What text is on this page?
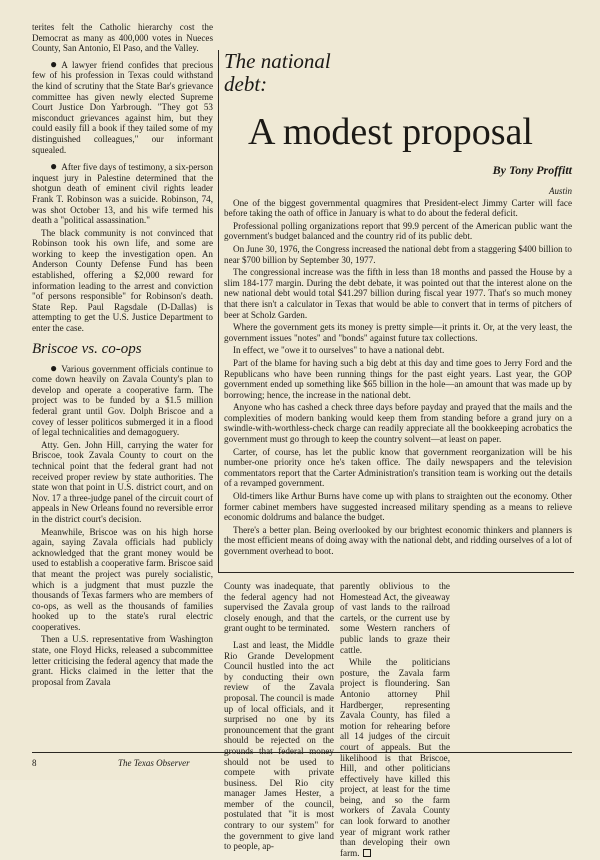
terites felt the Catholic hierarchy cost the Democrat as many as 400,000 votes in Nueces County, San Antonio, El Paso, and the Valley.

● A lawyer friend confides that precious few of his profession in Texas could withstand the kind of scrutiny that the State Bar's grievance committee has given newly elected Supreme Court Justice Don Yarbrough. "They got 53 misconduct grievances against him, but they could easily fill a book if they tailed some of my distinguished colleagues," our informant squealed.

● After five days of testimony, a six-person inquest jury in Palestine determined that the shotgun death of eminent civil rights leader Frank T. Robinson was a suicide. Robinson, 74, was shot October 13, and his wife termed his death a "political assassination."

The black community is not convinced that Robinson took his own life, and some are working to keep the investigation open. An Anderson County Defense Fund has been established, offering a $2,000 reward for information leading to the arrest and conviction "of persons responsible" for Robinson's death. State Rep. Paul Ragsdale (D-Dallas) is attempting to get the U.S. Justice Department to enter the case.

Briscoe vs. co-ops

● Various government officials continue to come down heavily on Zavala County's plan to develop and operate a cooperative farm. The project was to be funded by a $1.5 million federal grant until Gov. Dolph Briscoe and a covey of lesser politicos submerged it in a flood of legal technicalities and demagoguery.

Atty. Gen. John Hill, carrying the water for Briscoe, took Zavala County to court on the technical point that the federal grant had not received proper review by state authorities. The state won that point in U.S. district court, and on Nov. 17 a three-judge panel of the circuit court of appeals in New Orleans found no reversible error in the district court's decision.

Meanwhile, Briscoe was on his high horse again, saying Zavala officials had publicly acknowledged that the grant money would be used to establish a cooperative farm. Briscoe said that meant the project was purely socialistic, which is a judgment that must puzzle the thousands of Texas farmers who are members of co-ops, as well as the thousands of families hooked up to the state's rural electric cooperatives.

Then a U.S. representative from Washington state, one Floyd Hicks, released a subcommittee letter criticising the federal agency that made the grant. Hicks claimed in the letter that the proposal from Zavala

The national debt:
A modest proposal
By Tony Proffitt
Austin

One of the biggest governmental quagmires that President-elect Jimmy Carter will face before taking the oath of office in January is what to do about the federal deficit.

Professional polling organizations report that 99.9 percent of the American public want the government's budget balanced and the country rid of its public debt.

On June 30, 1976, the Congress increased the national debt from a staggering $400 billion to near $700 billion by September 30, 1977.

The congressional increase was the fifth in less than 18 months and passed the House by a slim 184-177 margin. During the debt debate, it was pointed out that the interest alone on the new national debt would total $41.297 billion during fiscal year 1977. That's so much money that there isn't a calculator in Texas that would be able to convert that in terms of pitchers of beer at Scholz Garden.

Where the government gets its money is pretty simple—it prints it. Or, at the very least, the government issues "notes" and "bonds" against future tax collections.

In effect, we "owe it to ourselves" to have a national debt.

Part of the blame for having such a big debt at this day and time goes to Jerry Ford and the Republicans who have been running things for the past eight years. Last year, the GOP government ended up something like $65 billion in the hole—an amount that was made up by borrowing; hence, the increase in the national debt.

Anyone who has cashed a check three days before payday and prayed that the mails and the complexities of modern banking would keep them from standing before a grand jury on a swindle-with-worthless-check charge can readily appreciate all the bookkeeping acrobatics the government must go through to keep the country solvent—at least on paper.

Carter, of course, has let the public know that government reorganization will be his number-one priority once he's taken office. The daily newspapers and the television commentators report that the Carter Administration's transition team is working out the details of a revamped government.

Old-timers like Arthur Burns have come up with plans to straighten out the economy. Other former cabinet members have suggested increased military spending as a means to relieve economic doldrums and balance the budget.

There's a better plan. Being overlooked by our brightest economic thinkers and planners is the most efficient means of doing away with the national debt, and ridding ourselves of a lot of government overhead to boot.

County was inadequate, that the federal agency had not supervised the Zavala group closely enough, and that the grant ought to be terminated.

Last and least, the Middle Rio Grande Development Council hustled into the act by conducting their own review of the Zavala proposal. The council is made up of local officials, and it surprised no one by its pronouncement that the grant should be rejected on the grounds that federal money should not be used to compete with private business. Del Rio city manager James Hester, a member of the council, postulated that "it is most contrary to our system" for the government to give land to people, ap-

parently oblivious to the Homestead Act, the giveaway of vast lands to the railroad cartels, or the current use by some Western ranchers of public lands to graze their cattle.

While the politicians posture, the Zavala farm project is floundering. San Antonio attorney Phil Hardberger, representing Zavala County, has filed a motion for rehearing before all 14 judges of the circuit court of appeals. But the likelihood is that Briscoe, Hill, and other politicians effectively have killed this project, at least for the time being, and so the farm workers of Zavala County can look forward to another year of migrant work rather than developing their own farm.

8	The Texas Observer
